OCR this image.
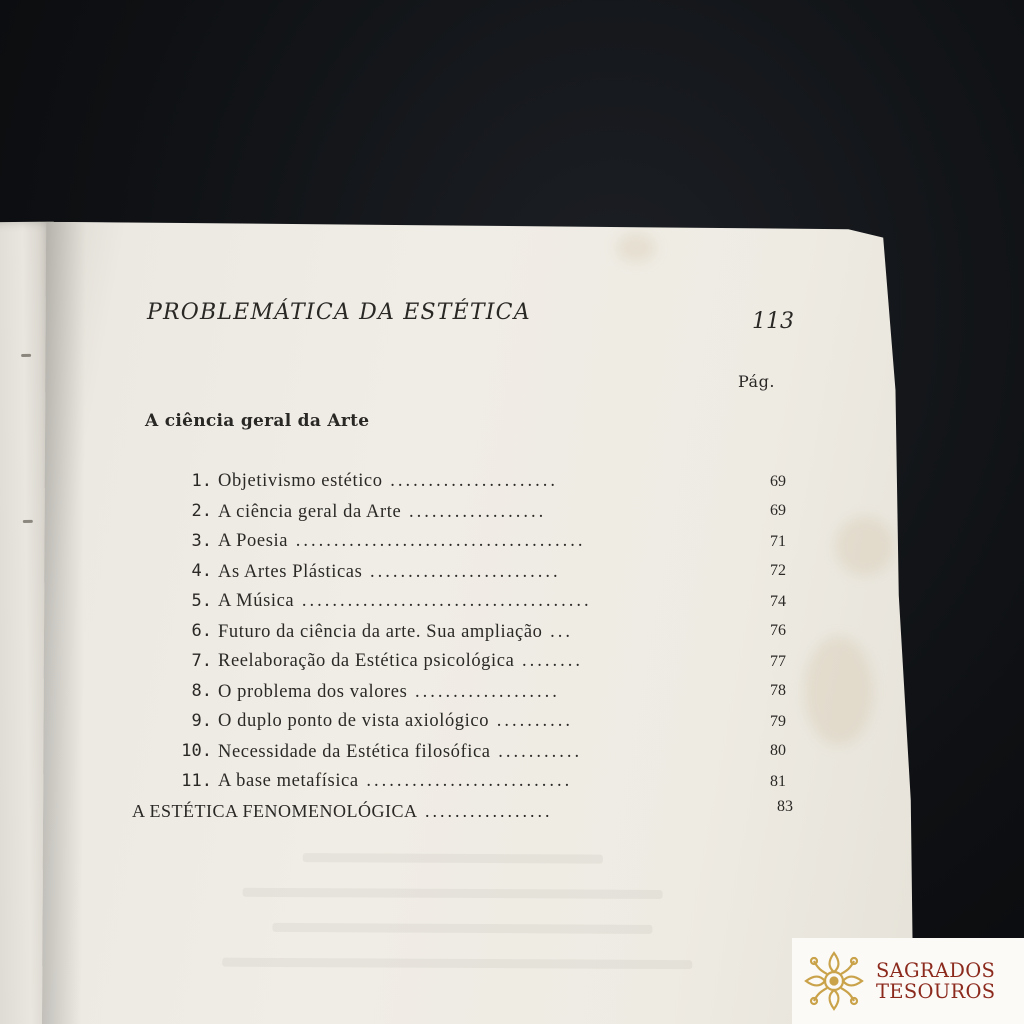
PROBLEMÁTICA DA ESTÉTICA	113
Pág.
A ciência geral da Arte
1. Objetivismo estético ......................	69
2. A ciência geral da Arte ..................	69
3. A Poesia ......................................	71
4. As Artes Plásticas .........................	72
5. A Música ......................................	74
6. Futuro da ciência da arte. Sua ampliação ...	76
7. Reelaboração da Estética psicológica ........	77
8. O problema dos valores ...................	78
9. O duplo ponto de vista axiológico ..........	79
10. Necessidade da Estética filosófica ...........	80
11. A base metafísica ...........................	81
A ESTÉTICA FENOMENOLÓGICA .................	83
SAGRADOS
TESOUROS
